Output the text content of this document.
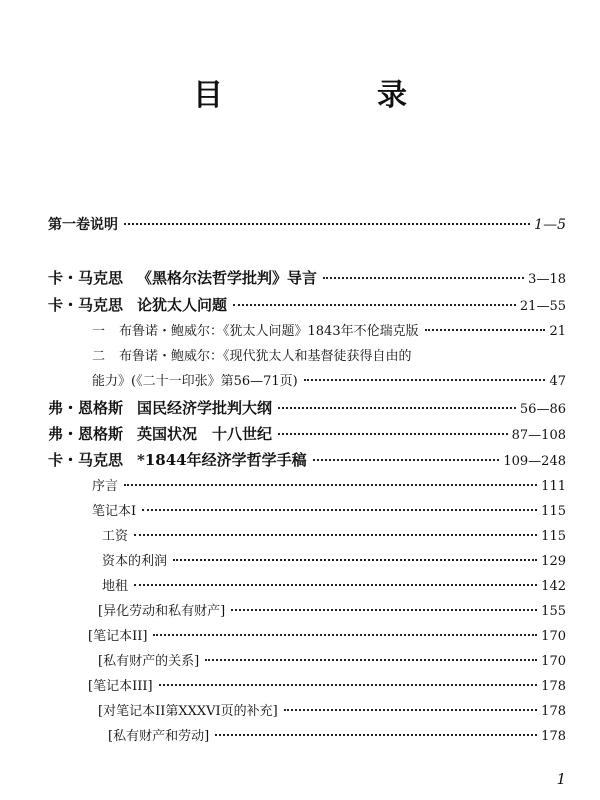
目　录
第一卷说明	1—5
卡・马克思 《黑格尔法哲学批判》导言	3—18
卡・马克思 论犹太人问题	21—55
一 布鲁诺・鲍威尔：《犹太人问题》1843年不伦瑞克版	21
二 布鲁诺・鲍威尔：《现代犹太人和基督徒获得自由的
能力》(《二十一印张》第56—71页)	47
弗・恩格斯 国民经济学批判大纲	56—86
弗・恩格斯 英国状况　十八世纪	87—108
卡・马克思 *1844年经济学哲学手稿	109—248
序言	111
笔记本I	115
工资	115
资本的利润	129
地租	142
[异化劳动和私有财产]	155
[笔记本II]	170
[私有财产的关系]	170
[笔记本III]	178
[对笔记本II第XXXVI页的补充]	178
[私有财产和劳动]	178
1
